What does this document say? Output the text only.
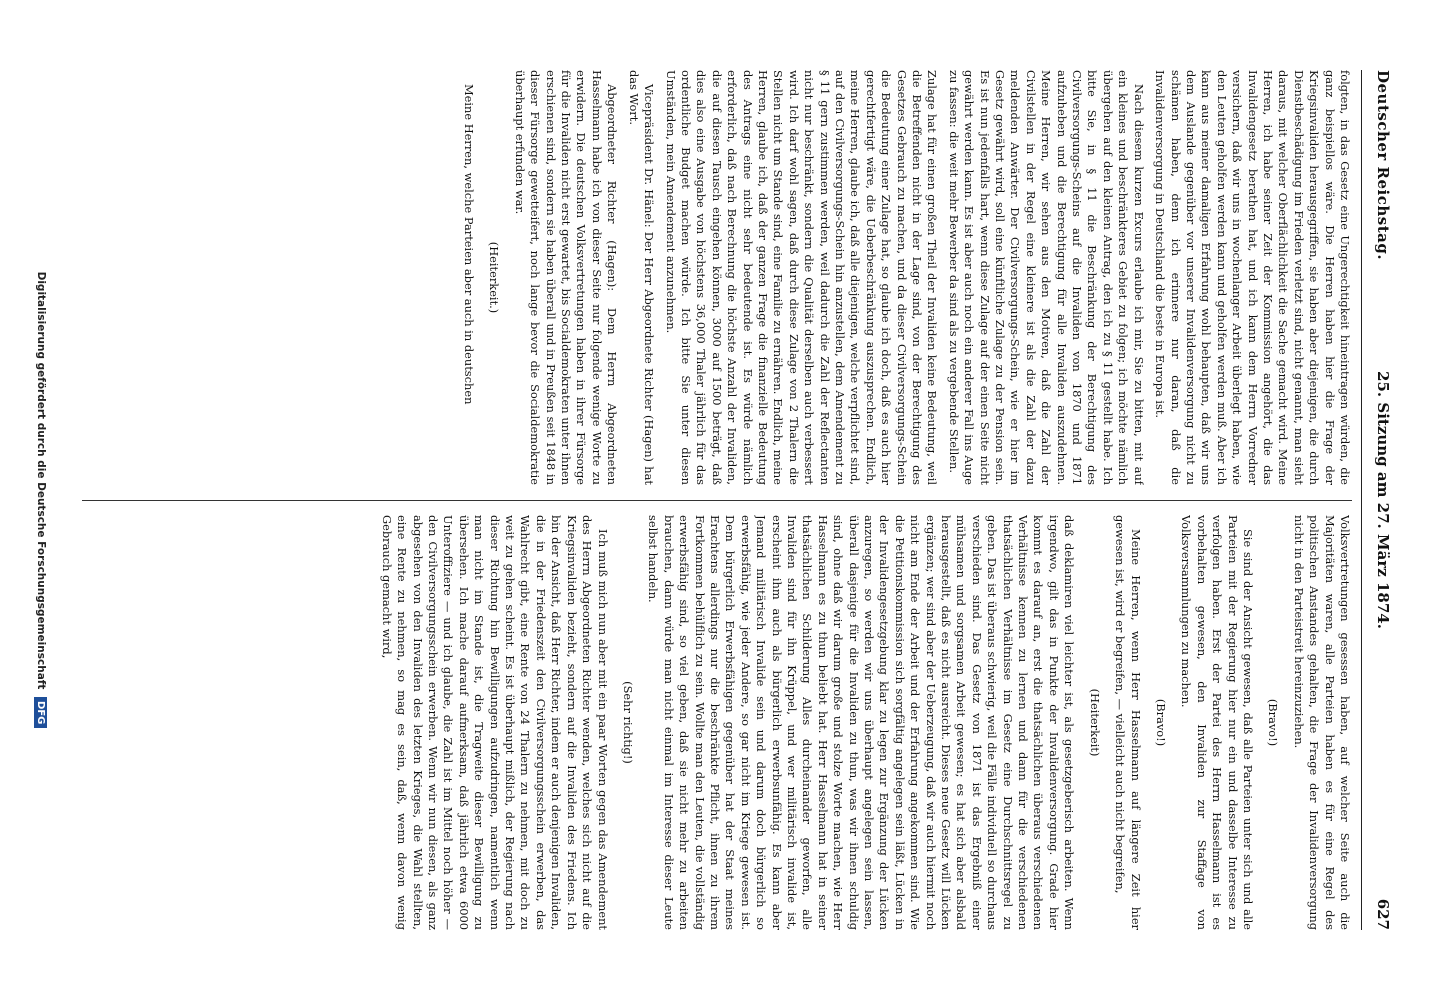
Deutscher Reichstag.
25. Sitzung am 27. März 1874.
627

folgten, in das Gesetz eine Ungerechtigkeit hineintragen würden, die ganz beispiellos wäre. Die Herren haben hier die Frage der Kriegsinvaliden herausgegriffen, sie haben aber diejenigen, die durch Dienstbeschädigung im Frieden verletzt sind, nicht genannt, man sieht daraus, mit welcher Oberflächlichkeit die Sache gemacht wird. Meine Herren, ich habe seiner Zeit der Kommission angehört, die das Invalidengesetz berathen hat, und ich kann dem Herrn Vorredner versichern, daß wir uns in wochenlanger Arbeit überlegt haben, wie den Leuten geholfen werden kann und geholfen werden muß. Aber ich kann aus meiner damaligen Erfahrung wohl behaupten, daß wir uns dem Auslande gegenüber vor unserer Invalidenversorgung nicht zu schämen haben, denn ich erinnere nur daran, daß die Invalidenversorgung in Deutschland die beste in Europa ist.

Nach diesem kurzen Excurs erlaube ich mir, Sie zu bitten, mit auf ein kleines und beschränkteres Gebiet zu folgen; ich möchte nämlich übergehen auf den kleinen Antrag, den ich zu § 11 gestellt habe. Ich bitte Sie, in § 11 die Beschränkung der Berechtigung des Civilversorgungs-Scheins auf die Invaliden von 1870 und 1871 aufzuheben und die Berechtigung für alle Invaliden auszudehnen. Meine Herren, wir sehen aus den Motiven, daß die Zahl der Civilstellen in der Regel eine kleinere ist als die Zahl der dazu meldenden Anwärter. Der Civilversorgungs-Schein, wie er hier im Gesetz gewährt wird, soll eine künftliche Zulage zu der Pension sein. Es ist nun jedenfalls hart, wenn diese Zulage auf der einen Seite nicht gewährt werden kann. Es ist aber auch noch ein anderer Fall ins Auge zu fassen: die weit mehr Bewerber da sind als zu vergebende Stellen.

Zulage hat für einen großen Theil der Invaliden keine Bedeutung, weil die Betreffenden nicht in der Lage sind, von der Berechtigung des Gesetzes Gebrauch zu machen, und da dieser Civilversorgungs-Schein die Bedeutung einer Zulage hat, so glaube ich doch, daß es auch hier gerechtfertigt wäre, die Ueberbeschränkung auszusprechen. Endlich, meine Herren, glaube ich, daß alle diejenigen, welche verpflichtet sind, auf den Civilversorgungs-Schein hin anzustellen, dem Amendement zu § 11 gern zustimmen werden, weil dadurch die Zahl der Reflectanten nicht nur beschränkt, sondern die Qualität derselben auch verbessert wird. Ich darf wohl sagen, daß durch diese Zulage von 2 Thalern die Stellen nicht um Stande sind, eine Familie zu ernähren. Endlich, meine Herren, glaube ich, daß der ganzen Frage die finanzielle Bedeutung des Antrags eine nicht sehr bedeutende ist. Es würde nämlich erforderlich, daß nach Berechnung die höchste Anzahl der Invaliden, die auf diesen Tausch eingehen können, 3000 auf 1500 beträgt, daß dies also eine Ausgabe von höchstens 36,000 Thaler jährlich für das ordentliche Budget machen würde. Ich bitte Sie unter diesen Umständen, mein Amendement anzunehmen.

Vicepräsident Dr. Hänel: Der Herr Abgeordnete Richter (Hagen) hat das Wort.

Abgeordneter Richter (Hagen): Dem Herrn Abgeordneten Hasselmann habe ich von dieser Seite nur folgende wenige Worte zu erwidern. Die deutschen Volksvertretungen haben in ihrer Fürsorge für die Invaliden nicht erst gewartet, bis Socialdemokraten unter ihnen erschienen sind, sondern sie haben überall und in Preußen seit 1848 in dieser Fürsorge gewetteifert, noch lange bevor die Socialdemokratie überhaupt erfunden war.

(Heiterkeit.)

Meine Herren, welche Parteien aber auch in deutschen

Volksvertretungen gesessen haben, auf welcher Seite auch die Majoritäten waren, alle Parteien haben es für eine Regel des politischen Anstandes gehalten, die Frage der Invalidenversorgung nicht in den Parteistreit hereinzuziehen.

(Bravo!)

Sie sind der Ansicht gewesen, daß alle Parteien unter sich und alle Parteien mit der Regierung hier nur ein und dasselbe Interesse zu verfolgen haben. Erst der Partei des Herrn Hasselmann ist es vorbehalten gewesen, den Invaliden zur Staffage von Volksversammlungen zu machen.

(Bravo!)

Meine Herren, wenn Herr Hasselmann auf längere Zeit hier gewesen ist, wird er begreifen, — vielleicht auch nicht begreifen,

(Heiterkeit)

daß deklamiren viel leichter ist, als gesetzgeberisch arbeiten. Wenn irgendwo, gilt das in Punkte der Invalidenversorgung. Grade hier kommt es darauf an, erst die thatsächlichen überaus verschiedenen Verhältnisse kennen zu lernen und dann für die verschiedenen thatsächlichen Verhältnisse im Gesetz eine Durchschnittsregel zu geben. Das ist überaus schwierig, weil die Fälle individuell so durchaus verschieden sind. Das Gesetz von 1871 ist das Ergebniß einer mühsamen und sorgsamen Arbeit gewesen; es hat sich aber alsbald herausgestellt, daß es nicht ausreicht. Dieses neue Gesetz will Lücken ergänzen; wer sind aber der Ueberzeugung, daß wir auch hiermit noch nicht am Ende der Arbeit und der Erfahrung angekommen sind. Wie die Petitionskommission sich sorgfältig angelegen sein läßt, Lücken in der Invalidengesetzgebung klar zu legen zur Ergänzung der Lücken anzuregen, so werden wir uns überhaupt angelegen sein lassen, überall dasjenige für die Invaliden zu thun, was wir ihnen schuldig sind, ohne daß wir darum große und stolze Worte machen, wie Herr Hasselmann es zu thun beliebt hat. Herr Hasselmann hat in seiner thatsächlichen Schilderung Alles durcheinander geworfen, alle Invaliden sind für ihn Krüppel, und wer militärisch invalide ist, erscheint ihm auch als bürgerlich erwerbsunfähig. Es kann aber Jemand militärisch Invalide sein und darum doch bürgerlich so erwerbsfähig, wie jeder Andere, so gar nicht im Kriege gewesen ist. Dem bürgerlich Erwerbsfähigen gegenüber hat der Staat meines Erachtens allerdings nur die beschränkte Pflicht, ihnen zu ihrem Fortkommen behülflich zu sein. Wollte man den Leuten, die vollständig erwerbsfähig sind, so viel geben, daß sie nicht mehr zu arbeiten brauchen, dann würde man nicht einmal im Interesse dieser Leute selbst handeln.

(Sehr richtig!)

Ich muß mich nun aber mit ein paar Worten gegen das Amendement des Herrn Abgeordneten Richter wenden, welches sich nicht auf die Kriegsinvaliden bezieht, sondern auf die Invaliden des Friedens. Ich bin der Ansicht, daß Herr Richter, indem er auch denjenigen Invaliden, die in der Friedenszeit den Civilversorgungsschein erwerben, das Wahlrecht gibt, eine Rente von 24 Thalern zu nehmen, mit doch zu weit zu gehen scheint. Es ist überhaupt mißlich, der Regierung nach dieser Richtung hin Bewilligungen aufzudringen, namentlich wenn man nicht im Stande ist, die Tragweite dieser Bewilligung zu übersehen. Ich mache darauf aufmerksam, daß jährlich etwa 6000 Unteroffiziere — und ich glaube, die Zahl ist im Mittel noch höher — den Civilversorgungsschein erwerben. Wenn wir nun diesen, als ganz abgesehen von den Invaliden des letzten Krieges, die Wahl stellten, eine Rente zu nehmen, so mag es sein, daß, wenn davon wenig Gebrauch gemacht wird,

Digitalisierung gefördert durch die Deutsche Forschungsgemeinschaft DFG
